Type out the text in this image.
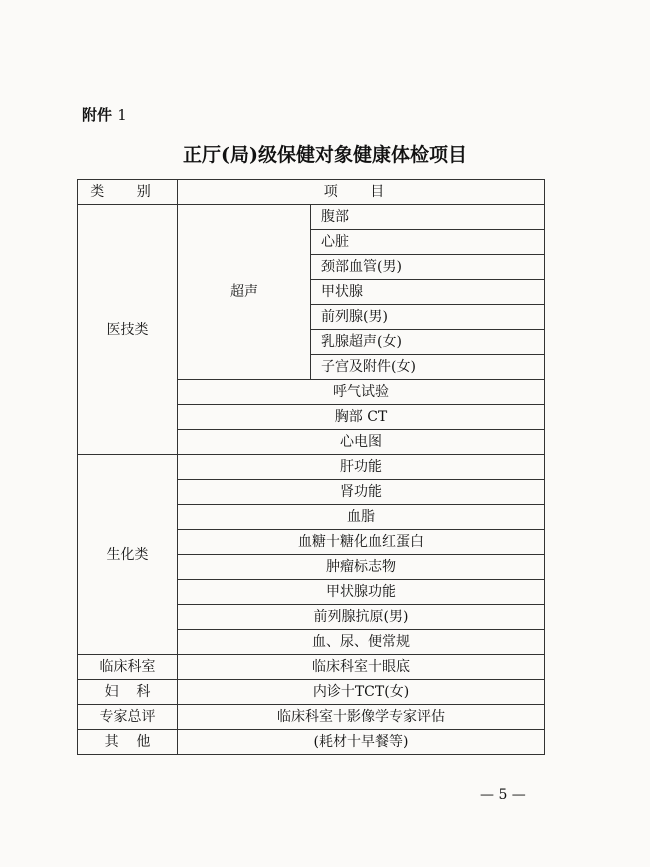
附件 1
正厅(局)级保健对象健康体检项目
类 别	项 目	
医技类	超声	腹部
		心脏
		颈部血管(男)
		甲状腺
		前列腺(男)
		乳腺超声(女)
		子宫及附件(女)
	呼气试验	
	胸部 CT	
	心电图	
生化类	肝功能	
	肾功能	
	血脂	
	血糖十糖化血红蛋白	
	肿瘤标志物	
	甲状腺功能	
	前列腺抗原(男)	
	血、尿、便常规	
临床科室	临床科室十眼底	
妇    科	内诊十TCT(女)	
专家总评	临床科室十影像学专家评估	
其    他	(耗材十早餐等)	
— 5 —
